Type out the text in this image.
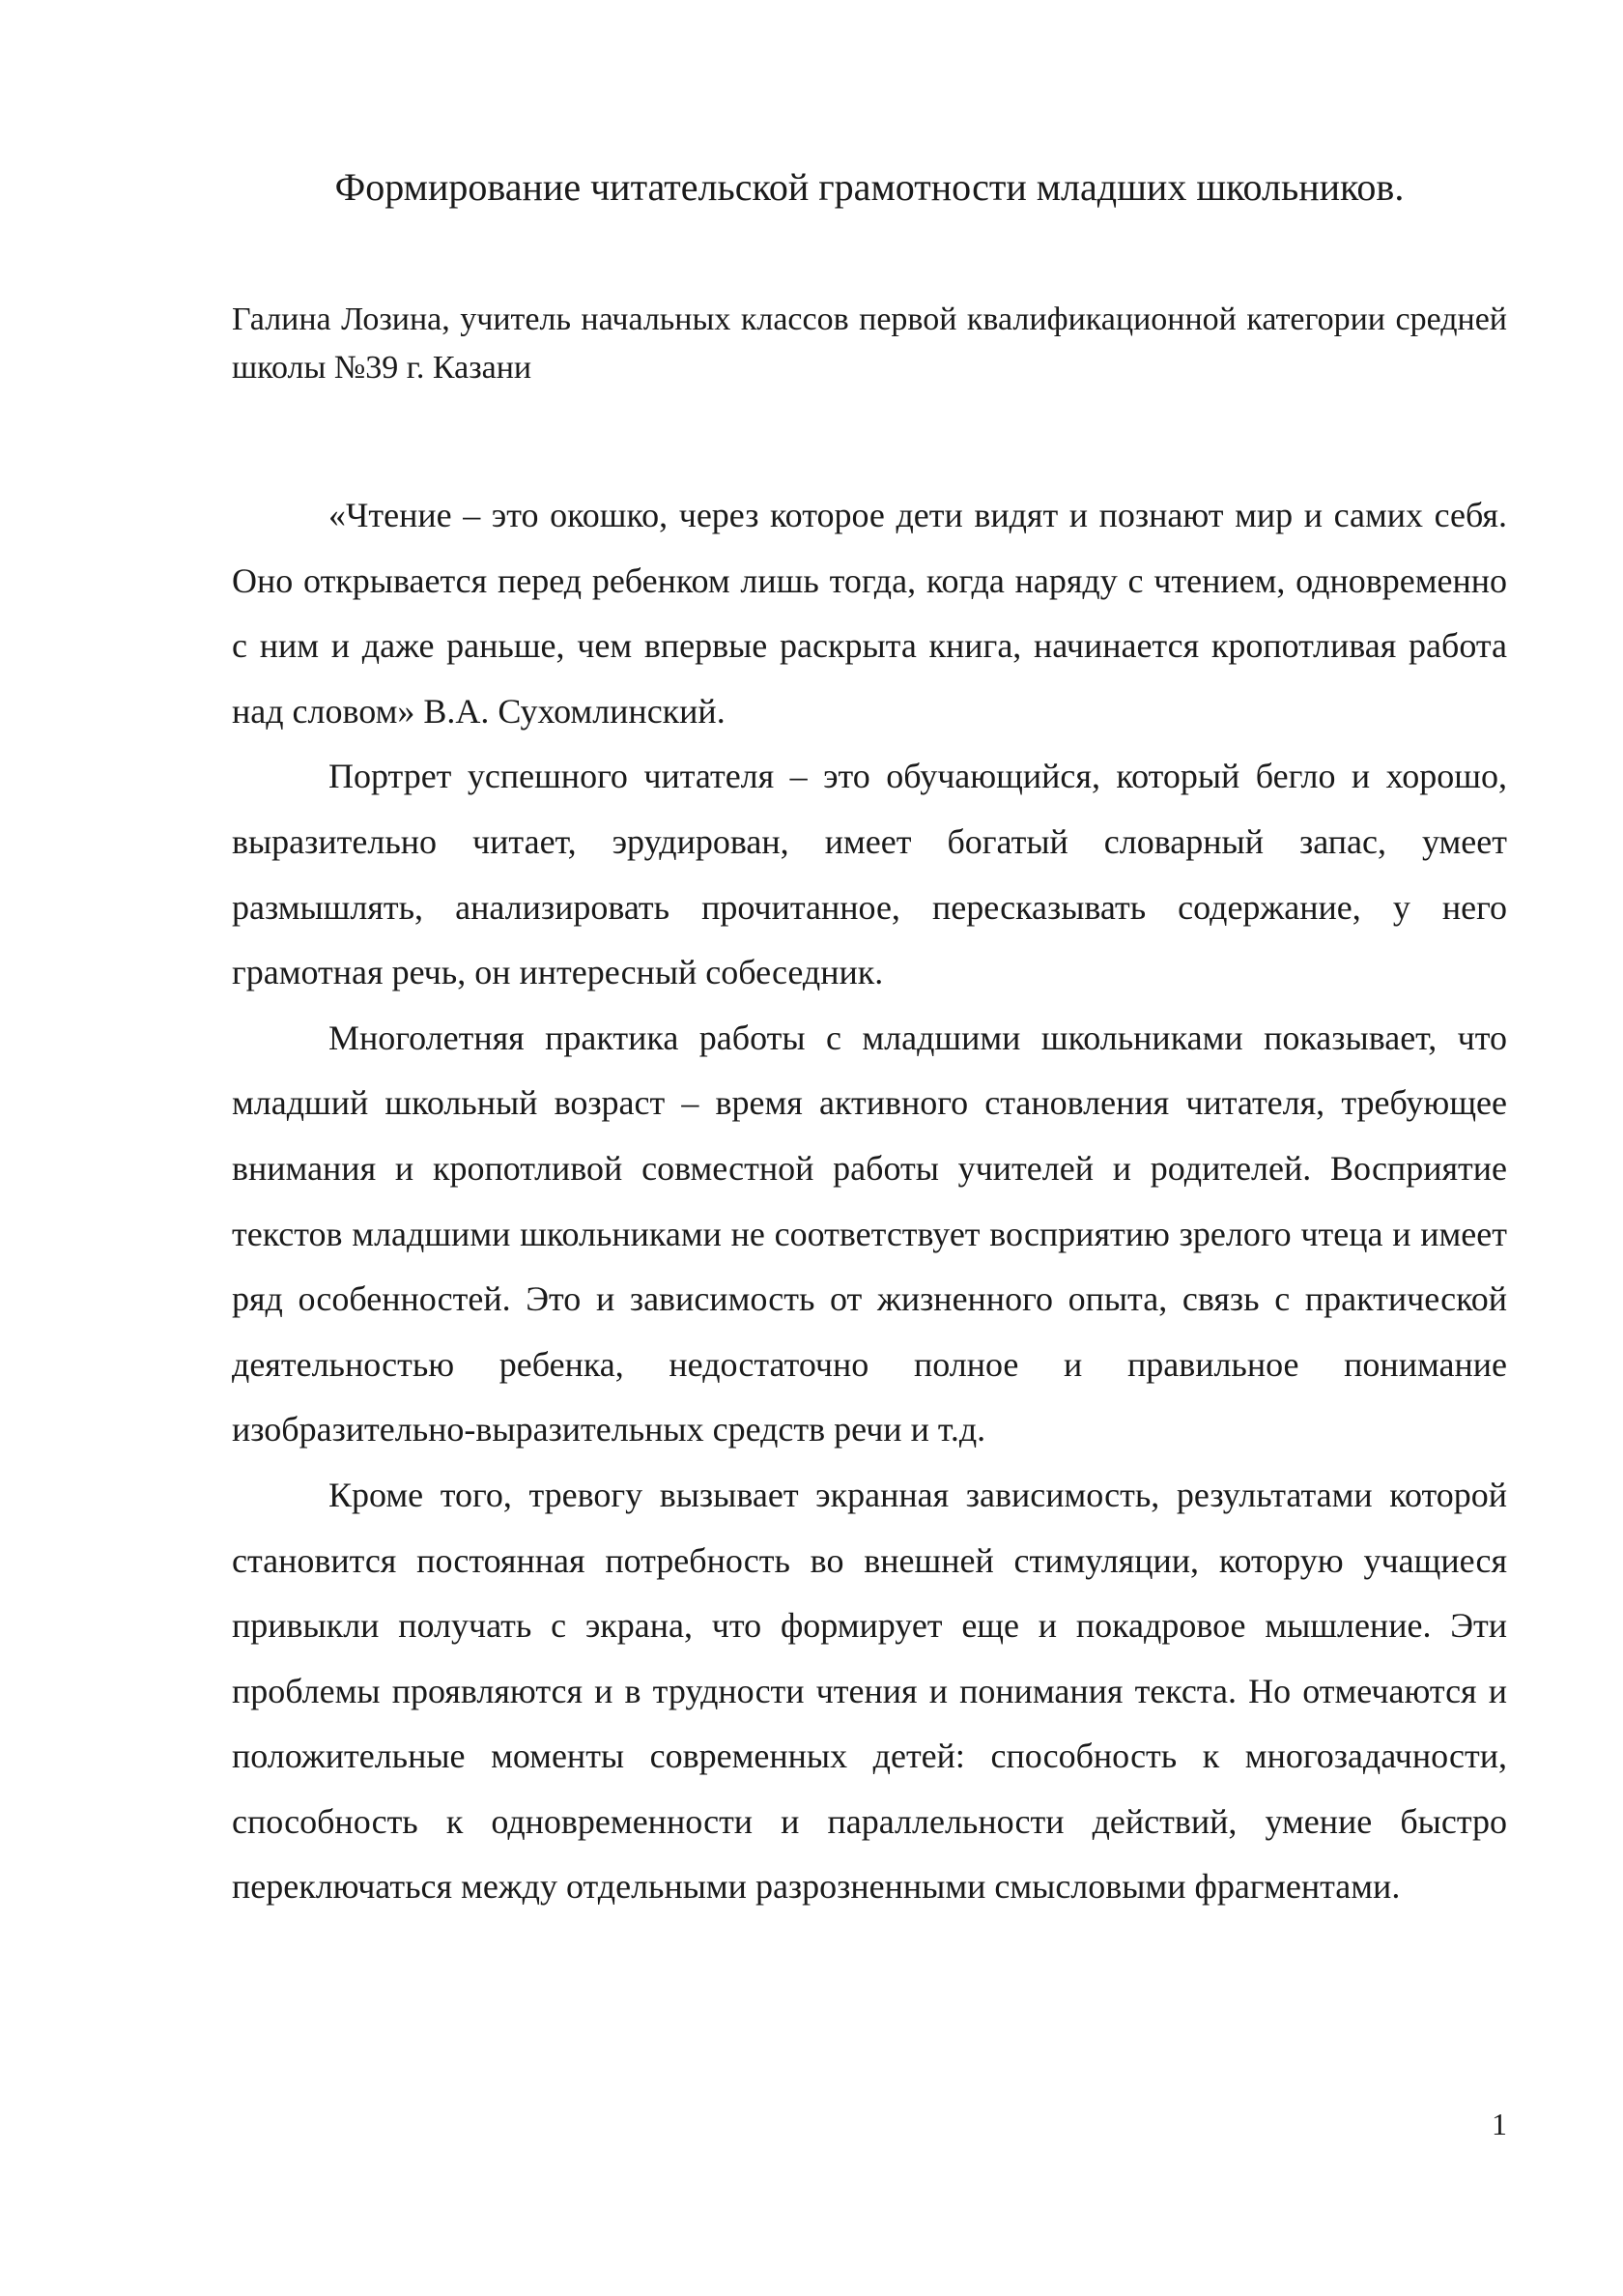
Формирование читательской грамотности младших школьников.

Галина Лозина, учитель начальных классов первой квалификационной категории средней школы №39 г. Казани

«Чтение – это окошко, через которое дети видят и познают мир и самих себя. Оно открывается перед ребенком лишь тогда, когда наряду с чтением, одновременно с ним и даже раньше, чем впервые раскрыта книга, начинается кропотливая работа над словом» В.А. Сухомлинский.

Портрет успешного читателя – это обучающийся, который бегло и хорошо, выразительно читает, эрудирован, имеет богатый словарный запас, умеет размышлять, анализировать прочитанное, пересказывать содержание, у него грамотная речь, он интересный собеседник.

Многолетняя практика работы с младшими школьниками показывает, что младший школьный возраст – время активного становления читателя, требующее внимания и кропотливой совместной работы учителей и родителей. Восприятие текстов младшими школьниками не соответствует восприятию зрелого чтеца и имеет ряд особенностей. Это и зависимость от жизненного опыта, связь с практической деятельностью ребенка, недостаточно полное и правильное понимание изобразительно-выразительных средств речи и т.д.

Кроме того, тревогу вызывает экранная зависимость, результатами которой становится постоянная потребность во внешней стимуляции, которую учащиеся привыкли получать с экрана, что формирует еще и покадровое мышление. Эти проблемы проявляются и в трудности чтения и понимания текста. Но отмечаются и положительные моменты современных детей: способность к многозадачности, способность к одновременности и параллельности действий, умение быстро переключаться между отдельными разрозненными смысловыми фрагментами.

1
